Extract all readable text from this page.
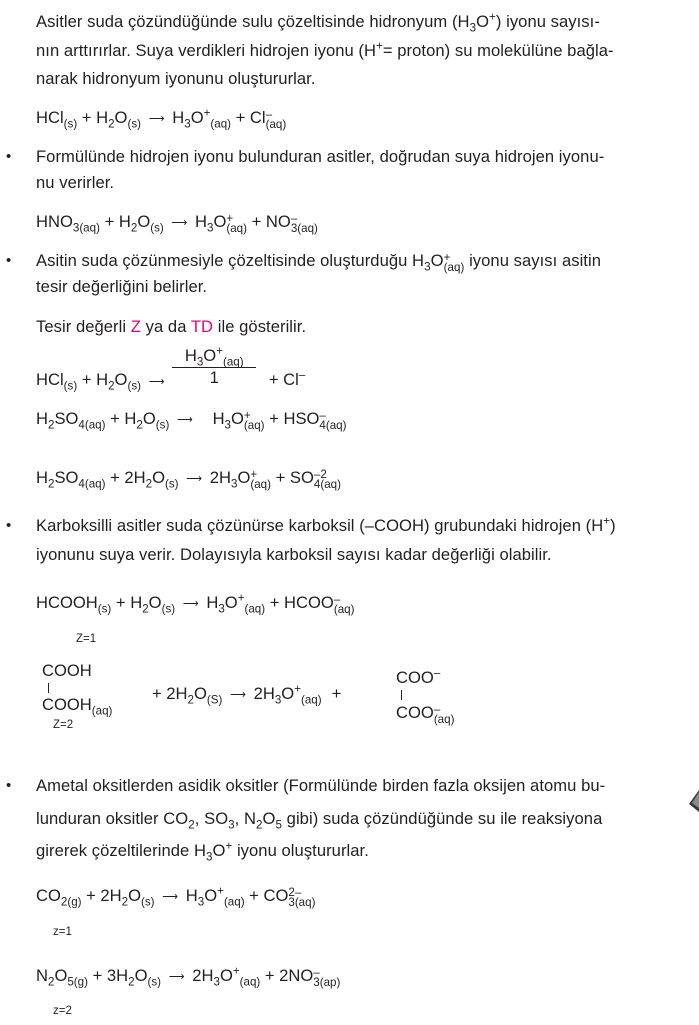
Asitler suda çözündüğünde sulu çözeltisinde hidronyum $(H_3O^+)$ iyonu sayısı-
nın arttırırlar. Suya verdikleri hidrojen iyonu (H+= proton) su molekülüne bağla-
narak hidronyum iyonunu oluştururlar.
$HCl_{(s)} + H_2O_{(s)}$ ⟶ $H_3O^+_{(aq)} + Cl$ –
(aq)
• Formülünde hidrojen iyonu bulunduran asitler, doğrudan suya hidrojen iyonu-
nu verirler.
$HNO_{3(aq)} + H_2O_{(s)}$ ⟶ $H_3O$ +
(aq) + NO –
3(aq)
• Asitin suda çözünmesiyle çözeltisinde oluşturduğu $H_3O$ +
(aq) iyonu sayısı asitin
tesir değerliğini belirler.
Tesir değerli Z ya da TD ile gösterilir.
$HCl_{(s)} + H_2O_{(s)}$ ⟶ $\frac{H_3O^+_{(aq)}}{1} + Cl^-$
$H_2SO_{4(aq)} + H_2O_{(s)}$ ⟶ $H_3O$ +
(aq) + HSO –
4(aq)
$H_2SO_{4(aq)} + 2H_2O_{(s)}$ ⟶ $2H_3O$ +
(aq) + SO –2
4(aq)
• Karboksilli asitler suda çözünürse karboksil (–COOH) grubundaki hidrojen (H+)
iyonunu suya verir. Dolayısıyla karboksil sayısı kadar değerliği olabilir.
$HCOOH_{(s)} + H_2O_{(s)}$ ⟶ $H_3O^+_{(aq)}$ + HCOO –
(aq)
Z=1
COOH
$COOH_{(aq)}$
Z=2
+ $2H_2O_{(S)}$ ⟶ $2H_3O^+_{(aq)}$ +
COO–
COO –
(aq)
• Ametal oksitlerden asidik oksitler (Formülünde birden fazla oksijen atomu bu-
lunduran oksitler $CO_2$, $SO_3$, $N_2O_5$ gibi) suda çözündüğünde su ile reaksiyona
girerek çözeltilerinde $H_3O^+$ iyonu oluştururlar.
$CO_{2(g)} + 2H_2O_{(s)}$ ⟶ $H_3O^+_{(aq)}$ + CO 2–
3(aq)
z=1
$N_2O_{5(g)} + 3H_2O_{(s)}$ ⟶ $2H_3O^+_{(aq)} + 2NO$ –
3(ap)
z=2
